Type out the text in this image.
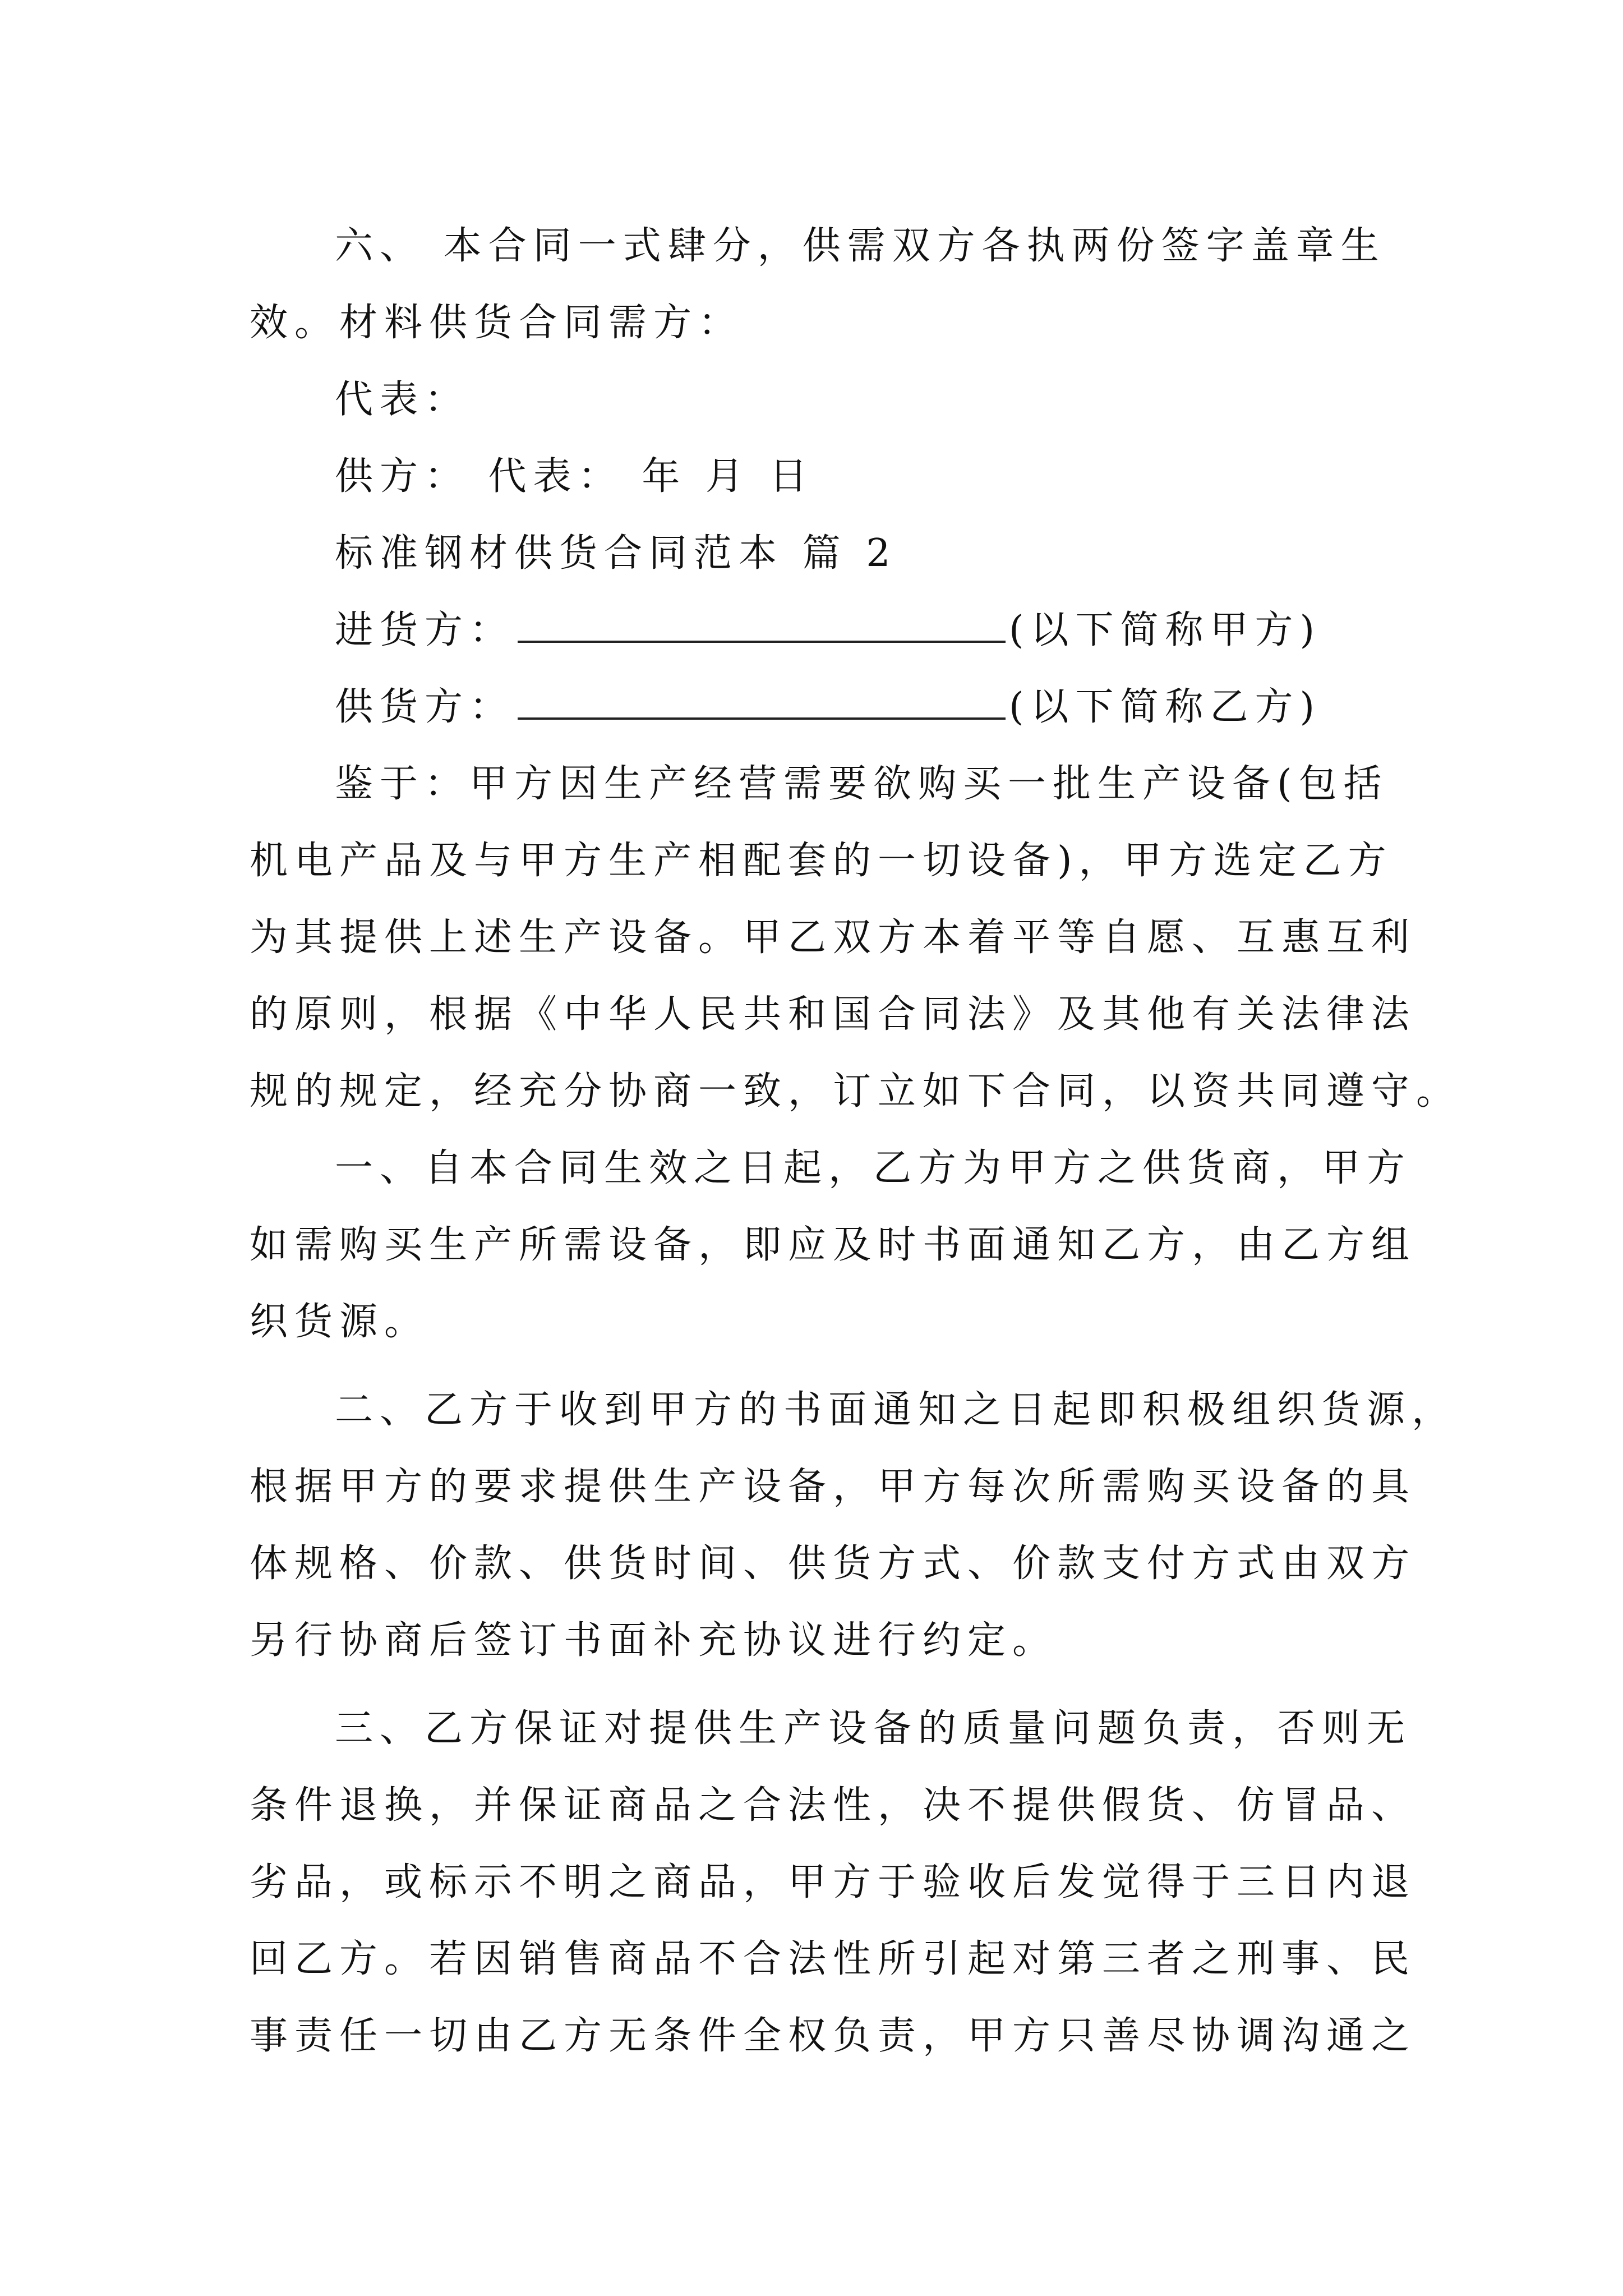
六、 本合同一式肆分，供需双方各执两份签字盖章生
效。材料供货合同需方：
代表：
供方： 代表： 年 月 日
标准钢材供货合同范本 篇 2
进货方：	(以下简称甲方)
供货方：	(以下简称乙方)
鉴于：甲方因生产经营需要欲购买一批生产设备(包括
机电产品及与甲方生产相配套的一切设备)，甲方选定乙方
为其提供上述生产设备。甲乙双方本着平等自愿、互惠互利
的原则，根据《中华人民共和国合同法》及其他有关法律法
规的规定，经充分协商一致，订立如下合同，以资共同遵守。
一、自本合同生效之日起，乙方为甲方之供货商，甲方
如需购买生产所需设备，即应及时书面通知乙方，由乙方组
织货源。
二、乙方于收到甲方的书面通知之日起即积极组织货源，
根据甲方的要求提供生产设备，甲方每次所需购买设备的具
体规格、价款、供货时间、供货方式、价款支付方式由双方
另行协商后签订书面补充协议进行约定。
三、乙方保证对提供生产设备的质量问题负责，否则无
条件退换，并保证商品之合法性，决不提供假货、仿冒品、
劣品，或标示不明之商品，甲方于验收后发觉得于三日内退
回乙方。若因销售商品不合法性所引起对第三者之刑事、民
事责任一切由乙方无条件全权负责，甲方只善尽协调沟通之
